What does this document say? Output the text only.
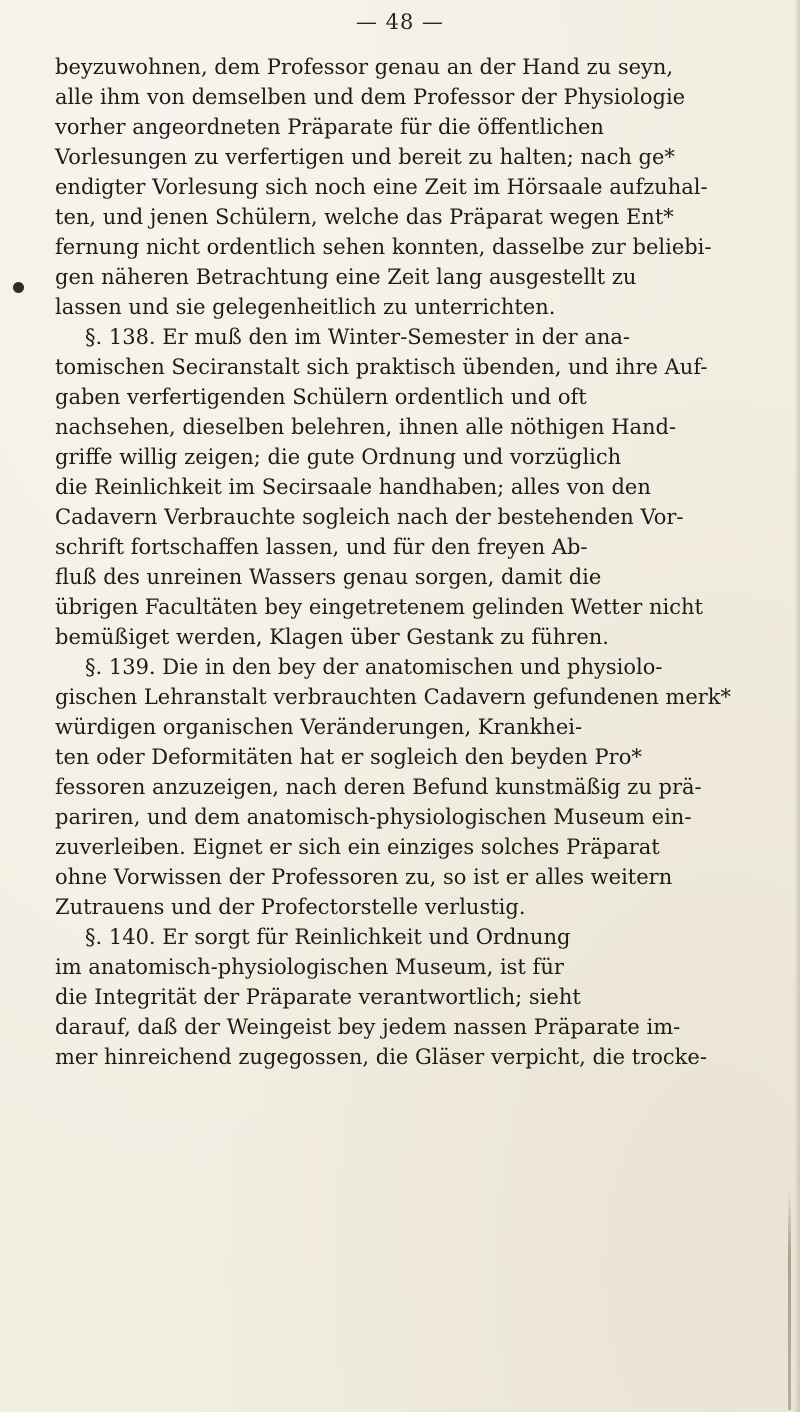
— 48 —
beyzuwohnen, dem Professor genau an der Hand zu seyn,
alle ihm von demselben und dem Professor der Physiologie
vorher angeordneten Präparate für die öffentlichen
Vorlesungen zu verfertigen und bereit zu halten; nach ge*
endigter Vorlesung sich noch eine Zeit im Hörsaale aufzuhal-
ten, und jenen Schülern, welche das Präparat wegen Ent*
fernung nicht ordentlich sehen konnten, dasselbe zur beliebi-
gen näheren Betrachtung eine Zeit lang ausgestellt zu
lassen und sie gelegenheitlich zu unterrichten.
§. 138. Er muß den im Winter-Semester in der ana-
tomischen Seciranstalt sich praktisch übenden, und ihre Auf-
gaben verfertigenden Schülern ordentlich und oft
nachsehen, dieselben belehren, ihnen alle nöthigen Hand-
griffe willig zeigen; die gute Ordnung und vorzüglich
die Reinlichkeit im Secirsaale handhaben; alles von den
Cadavern Verbrauchte sogleich nach der bestehenden Vor-
schrift fortschaffen lassen, und für den freyen Ab-
fluß des unreinen Wassers genau sorgen, damit die
übrigen Facultäten bey eingetretenem gelinden Wetter nicht
bemüßiget werden, Klagen über Gestank zu führen.
§. 139. Die in den bey der anatomischen und physiolo-
gischen Lehranstalt verbrauchten Cadavern gefundenen merk*
würdigen organischen Veränderungen, Krankhei-
ten oder Deformitäten hat er sogleich den beyden Pro*
fessoren anzuzeigen, nach deren Befund kunstmäßig zu prä-
pariren, und dem anatomisch-physiologischen Museum ein-
zuverleiben. Eignet er sich ein einziges solches Präparat
ohne Vorwissen der Professoren zu, so ist er alles weitern
Zutrauens und der Profectorstelle verlustig.
§. 140. Er sorgt für Reinlichkeit und Ordnung
im anatomisch-physiologischen Museum, ist für
die Integrität der Präparate verantwortlich; sieht
darauf, daß der Weingeist bey jedem nassen Präparate im-
mer hinreichend zugegossen, die Gläser verpicht, die trocke-
